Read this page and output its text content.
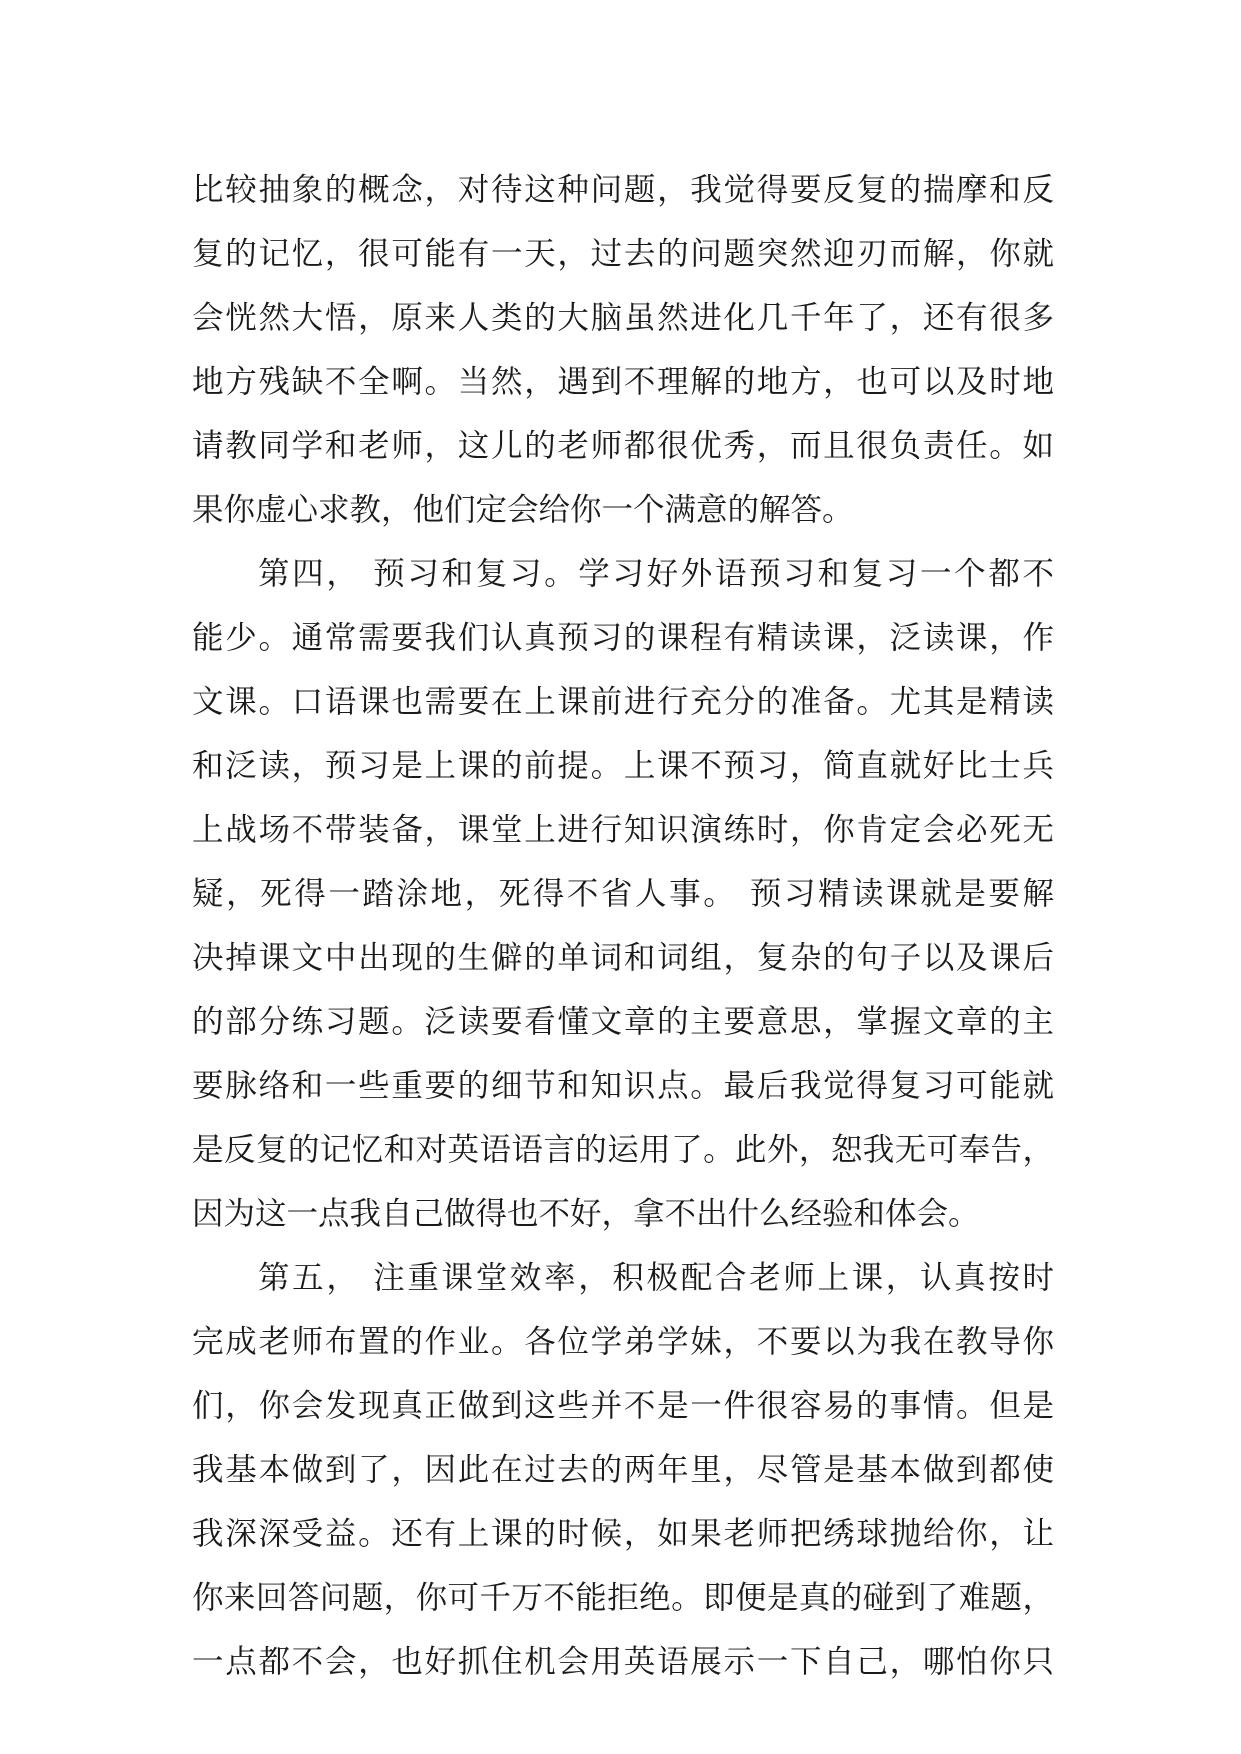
比较抽象的概念，对待这种问题，我觉得要反复的揣摩和反
复的记忆，很可能有一天，过去的问题突然迎刃而解，你就
会恍然大悟，原来人类的大脑虽然进化几千年了，还有很多
地方残缺不全啊。当然，遇到不理解的地方，也可以及时地
请教同学和老师，这儿的老师都很优秀，而且很负责任。如
果你虚心求教，他们定会给你一个满意的解答。
第四， 预习和复习。学习好外语预习和复习一个都不
能少。通常需要我们认真预习的课程有精读课，泛读课，作
文课。口语课也需要在上课前进行充分的准备。尤其是精读
和泛读，预习是上课的前提。上课不预习，简直就好比士兵
上战场不带装备，课堂上进行知识演练时，你肯定会必死无
疑，死得一踏涂地，死得不省人事。 预习精读课就是要解
决掉课文中出现的生僻的单词和词组，复杂的句子以及课后
的部分练习题。泛读要看懂文章的主要意思，掌握文章的主
要脉络和一些重要的细节和知识点。最后我觉得复习可能就
是反复的记忆和对英语语言的运用了。此外，恕我无可奉告，
因为这一点我自己做得也不好，拿不出什么经验和体会。
第五， 注重课堂效率，积极配合老师上课，认真按时
完成老师布置的作业。各位学弟学妹，不要以为我在教导你
们，你会发现真正做到这些并不是一件很容易的事情。但是
我基本做到了，因此在过去的两年里，尽管是基本做到都使
我深深受益。还有上课的时候，如果老师把绣球抛给你，让
你来回答问题，你可千万不能拒绝。即便是真的碰到了难题，
一点都不会，也好抓住机会用英语展示一下自己，哪怕你只
